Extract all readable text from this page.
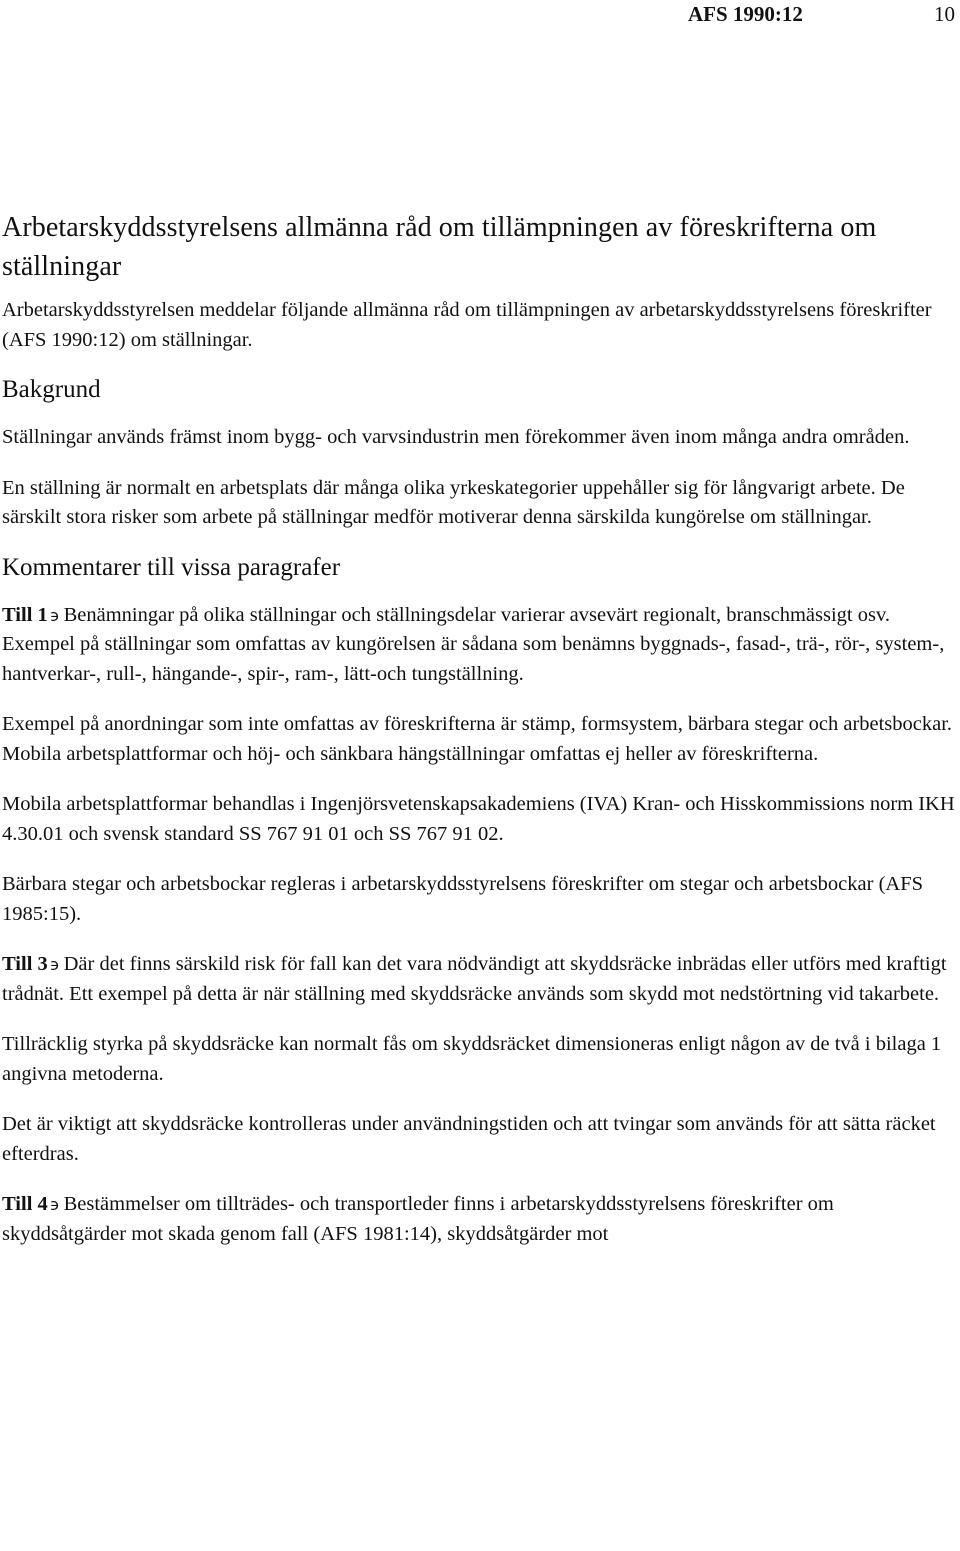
AFS 1990:12	10
Arbetarskyddsstyrelsens allmänna råd om tillämpningen av föreskrifterna om ställningar

Arbetarskyddsstyrelsen meddelar följande allmänna råd om tillämpningen av arbetarskyddsstyrelsens föreskrifter (AFS 1990:12) om ställningar.

Bakgrund

Ställningar används främst inom bygg- och varvsindustrin men förekommer även inom många andra områden.

En ställning är normalt en arbetsplats där många olika yrkeskategorier uppehåller sig för långvarigt arbete. De särskilt stora risker som arbete på ställningar medför motiverar denna särskilda kungörelse om ställningar.

Kommentarer till vissa paragrafer

Till 1 ϶ Benämningar på olika ställningar och ställningsdelar varierar avsevärt regionalt, branschmässigt osv. Exempel på ställningar som omfattas av kungörelsen är sådana som benämns byggnads-, fasad-, trä-, rör-, system-, hantverkar-, rull-, hängande-, spir-, ram-, lätt-och tungställning.

Exempel på anordningar som inte omfattas av föreskrifterna är stämp, formsystem, bärbara stegar och arbetsbockar. Mobila arbetsplattformar och höj- och sänkbara hängställningar omfattas ej heller av föreskrifterna.

Mobila arbetsplattformar behandlas i Ingenjörsvetenskapsakademiens (IVA) Kran- och Hisskommissions norm IKH 4.30.01 och svensk standard SS 767 91 01 och SS 767 91 02.

Bärbara stegar och arbetsbockar regleras i arbetarskyddsstyrelsens föreskrifter om stegar och arbetsbockar (AFS 1985:15).

Till 3 ϶ Där det finns särskild risk för fall kan det vara nödvändigt att skyddsräcke inbrädas eller utförs med kraftigt trådnät. Ett exempel på detta är när ställning med skyddsräcke används som skydd mot nedstörtning vid takarbete.

Tillräcklig styrka på skyddsräcke kan normalt fås om skyddsräcket dimensioneras enligt någon av de två i bilaga 1 angivna metoderna.

Det är viktigt att skyddsräcke kontrolleras under användningstiden och att tvingar som används för att sätta räcket efterdras.

Till 4 ϶ Bestämmelser om tillträdes- och transportleder finns i arbetarskyddsstyrelsens föreskrifter om skyddsåtgärder mot skada genom fall (AFS 1981:14), skyddsåtgärder mot
